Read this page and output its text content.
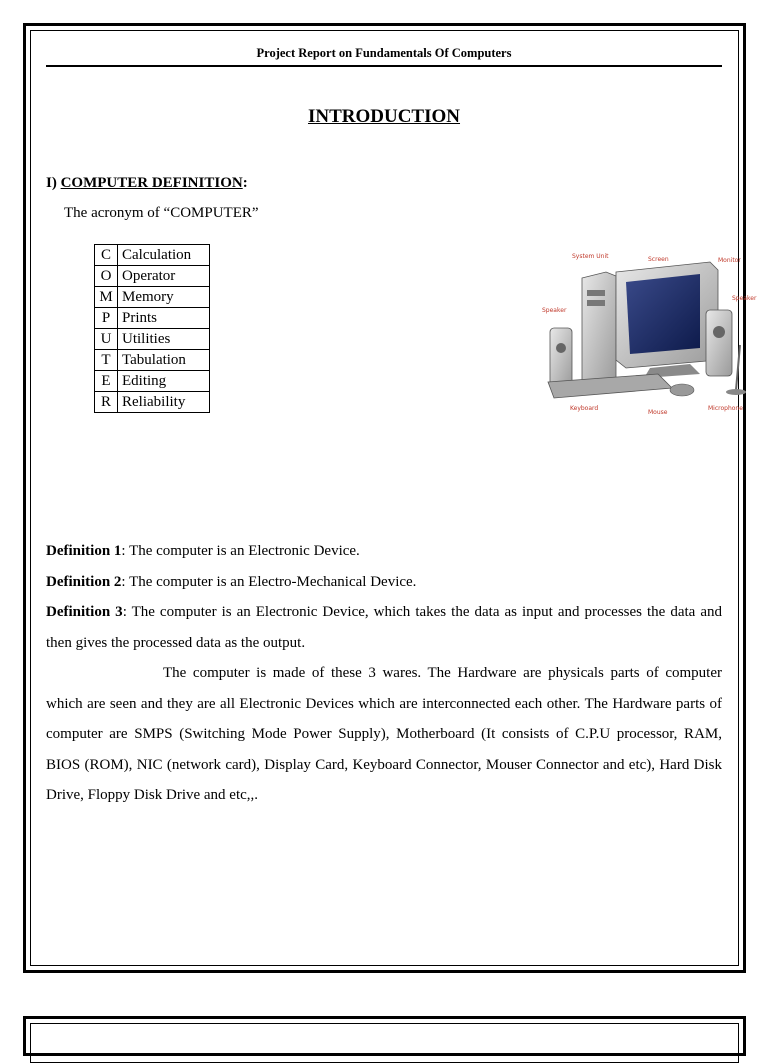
Project Report on Fundamentals Of Computers
INTRODUCTION
I) COMPUTER DEFINITION:
The acronym of “COMPUTER”
C	Calculation
O	Operator
M	Memory
P	Prints
U	Utilities
T	Tabulation
E	Editing
R	Reliability
System Unit	Screen	Monitor
Speaker
Speaker
Keyboard
Mouse
Microphone

Definition 1: The computer is an Electronic Device.

Definition 2: The computer is an Electro-Mechanical Device.

Definition 3: The computer is an Electronic Device, which takes the data as input and processes the data and then gives the processed data as the output.

The computer is made of these 3 wares. The Hardware are physicals parts of computer which are seen and they are all Electronic Devices which are interconnected each other. The Hardware parts of computer are SMPS (Switching Mode Power Supply), Motherboard (It consists of C.P.U processor, RAM, BIOS (ROM), NIC (network card), Display Card, Keyboard Connector, Mouser Connector and etc), Hard Disk Drive, Floppy Disk Drive and etc,,.
